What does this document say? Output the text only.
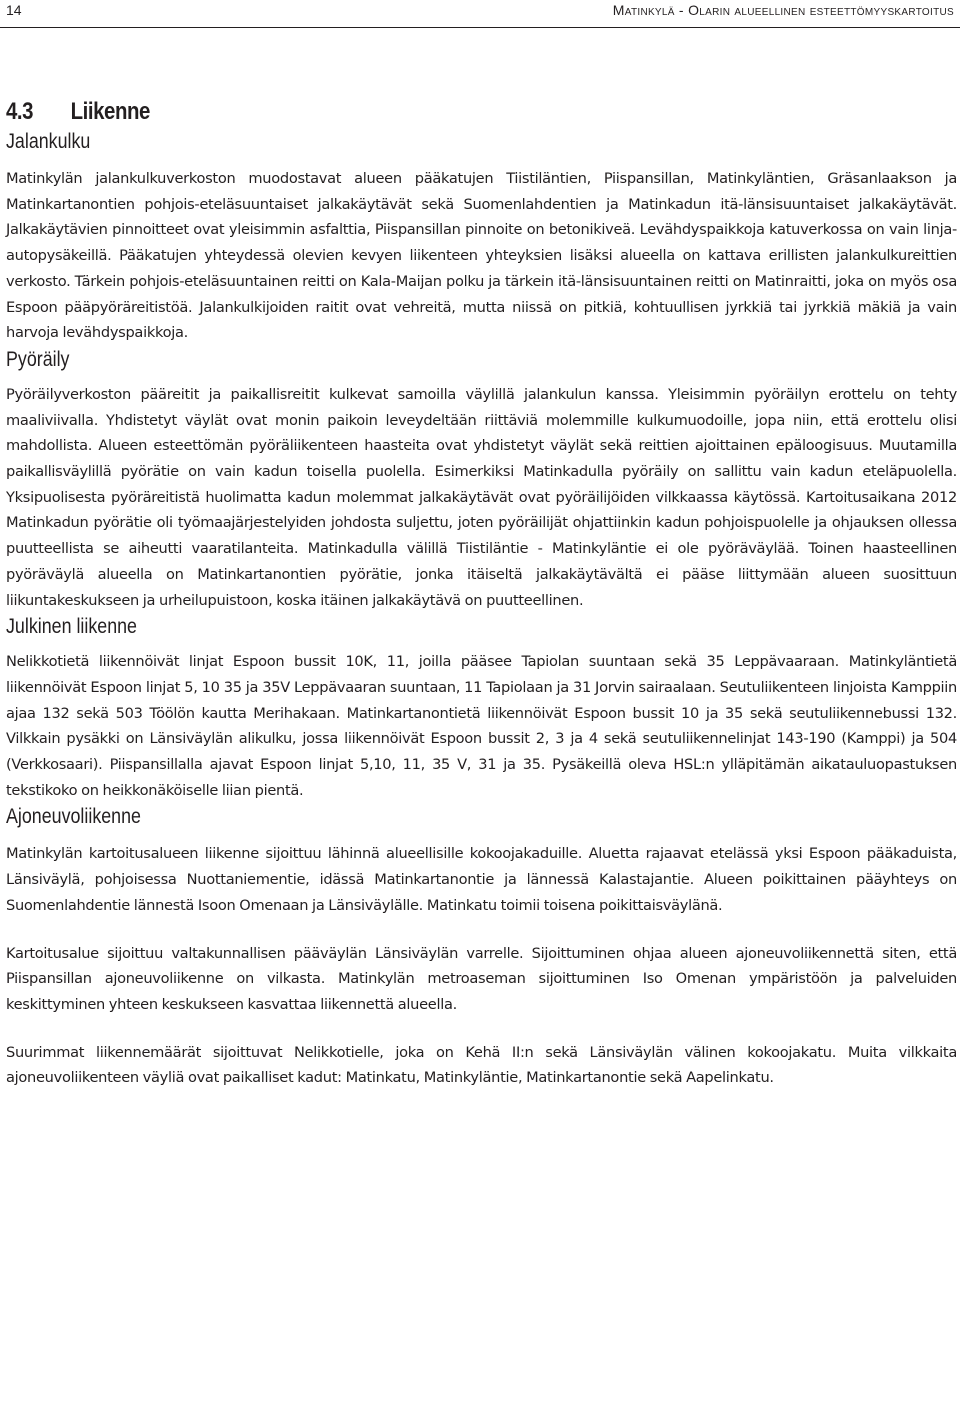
14	Matinkylä - Olarin alueellinen esteettömyyskartoitus
4.3 Liikenne
Jalankulku

Matinkylän jalankulkuverkoston muodostavat alueen pääkatujen Tiistiläntien, Piispansillan, Matinkyläntien, Gräsanlaakson ja Matinkartanontien pohjois-eteläsuuntaiset jalkakäytävät sekä Suomenlahdentien ja Matinkadun itä-länsisuuntaiset jalkakäytävät. Jalkakäytävien pinnoitteet ovat yleisimmin asfalttia, Piispansillan pinnoite on betonikiveä. Levähdyspaikkoja katuverkossa on vain linja-autopysäkeillä. Pääkatujen yhteydessä olevien kevyen liikenteen yhteyksien lisäksi alueella on kattava erillisten jalankulkureittien verkosto. Tärkein pohjois-eteläsuuntainen reitti on Kala-Maijan polku ja tärkein itä-länsisuuntainen reitti on Matinraitti, joka on myös osa Espoon pääpyöräreitistöä. Jalankulkijoiden raitit ovat vehreitä, mutta niissä on pitkiä, kohtuullisen jyrkkiä tai jyrkkiä mäkiä ja vain harvoja levähdyspaikkoja.

Pyöräily

Pyöräilyverkoston pääreitit ja paikallisreitit kulkevat samoilla väylillä jalankulun kanssa. Yleisimmin pyöräilyn erottelu on tehty maaliviivalla. Yhdistetyt väylät ovat monin paikoin leveydeltään riittäviä molemmille kulkumuodoille, jopa niin, että erottelu olisi mahdollista. Alueen esteettömän pyöräliikenteen haasteita ovat yhdistetyt väylät sekä reittien ajoittainen epäloogisuus. Muutamilla paikallisväylillä pyörätie on vain kadun toisella puolella. Esimerkiksi Matinkadulla pyöräily on sallittu vain kadun eteläpuolella. Yksipuolisesta pyöräreitistä huolimatta kadun molemmat jalkakäytävät ovat pyöräilijöiden vilkkaassa käytössä. Kartoitusaikana 2012 Matinkadun pyörätie oli työmaajärjestelyiden johdosta suljettu, joten pyöräilijät ohjattiinkin kadun pohjoispuolelle ja ohjauksen ollessa puutteellista se aiheutti vaaratilanteita. Matinkadulla välillä Tiistiläntie - Matinkyläntie ei ole pyöräväylää. Toinen haasteellinen pyöräväylä alueella on Matinkartanontien pyörätie, jonka itäiseltä jalkakäytävältä ei pääse liittymään alueen suosittuun liikuntakeskukseen ja urheilupuistoon, koska itäinen jalkakäytävä on puutteellinen.

Julkinen liikenne

Nelikkotietä liikennöivät linjat Espoon bussit 10K, 11, joilla pääsee Tapiolan suuntaan sekä 35 Leppävaaraan. Matinkyläntietä liikennöivät Espoon linjat 5, 10 35 ja 35V Leppävaaran suuntaan, 11 Tapiolaan ja 31 Jorvin sairaalaan. Seutuliikenteen linjoista Kamppiin ajaa 132 sekä 503 Töölön kautta Merihakaan. Matinkartanontietä liikennöivät Espoon bussit 10 ja 35 sekä seutuliikennebussi 132. Vilkkain pysäkki on Länsiväylän alikulku, jossa liikennöivät Espoon bussit 2, 3 ja 4 sekä seutuliikennelinjat 143-190 (Kamppi) ja 504 (Verkkosaari). Piispansillalla ajavat Espoon linjat 5,10, 11, 35 V, 31 ja 35. Pysäkeillä oleva HSL:n ylläpitämän aikatauluopastuksen tekstikoko on heikkonäköiselle liian pientä.

Ajoneuvoliikenne

Matinkylän kartoitusalueen liikenne sijoittuu lähinnä alueellisille kokoojakaduille. Aluetta rajaavat etelässä yksi Espoon pääkaduista, Länsiväylä, pohjoisessa Nuottaniementie, idässä Matinkartanontie ja lännessä Kalastajantie. Alueen poikittainen pääyhteys on Suomenlahdentie lännestä Isoon Omenaan ja Länsiväylälle. Matinkatu toimii toisena poikittaisväylänä.

Kartoitusalue sijoittuu valtakunnallisen pääväylän Länsiväylän varrelle. Sijoittuminen ohjaa alueen ajoneuvoliikennettä siten, että Piispansillan ajoneuvoliikenne on vilkasta. Matinkylän metroaseman sijoittuminen Iso Omenan ympäristöön ja palveluiden keskittyminen yhteen keskukseen kasvattaa liikennettä alueella.

Suurimmat liikennemäärät sijoittuvat Nelikkotielle, joka on Kehä II:n sekä Länsiväylän välinen kokoojakatu. Muita vilkkaita ajoneuvoliikenteen väyliä ovat paikalliset kadut: Matinkatu, Matinkyläntie, Matinkartanontie sekä Aapelinkatu.
